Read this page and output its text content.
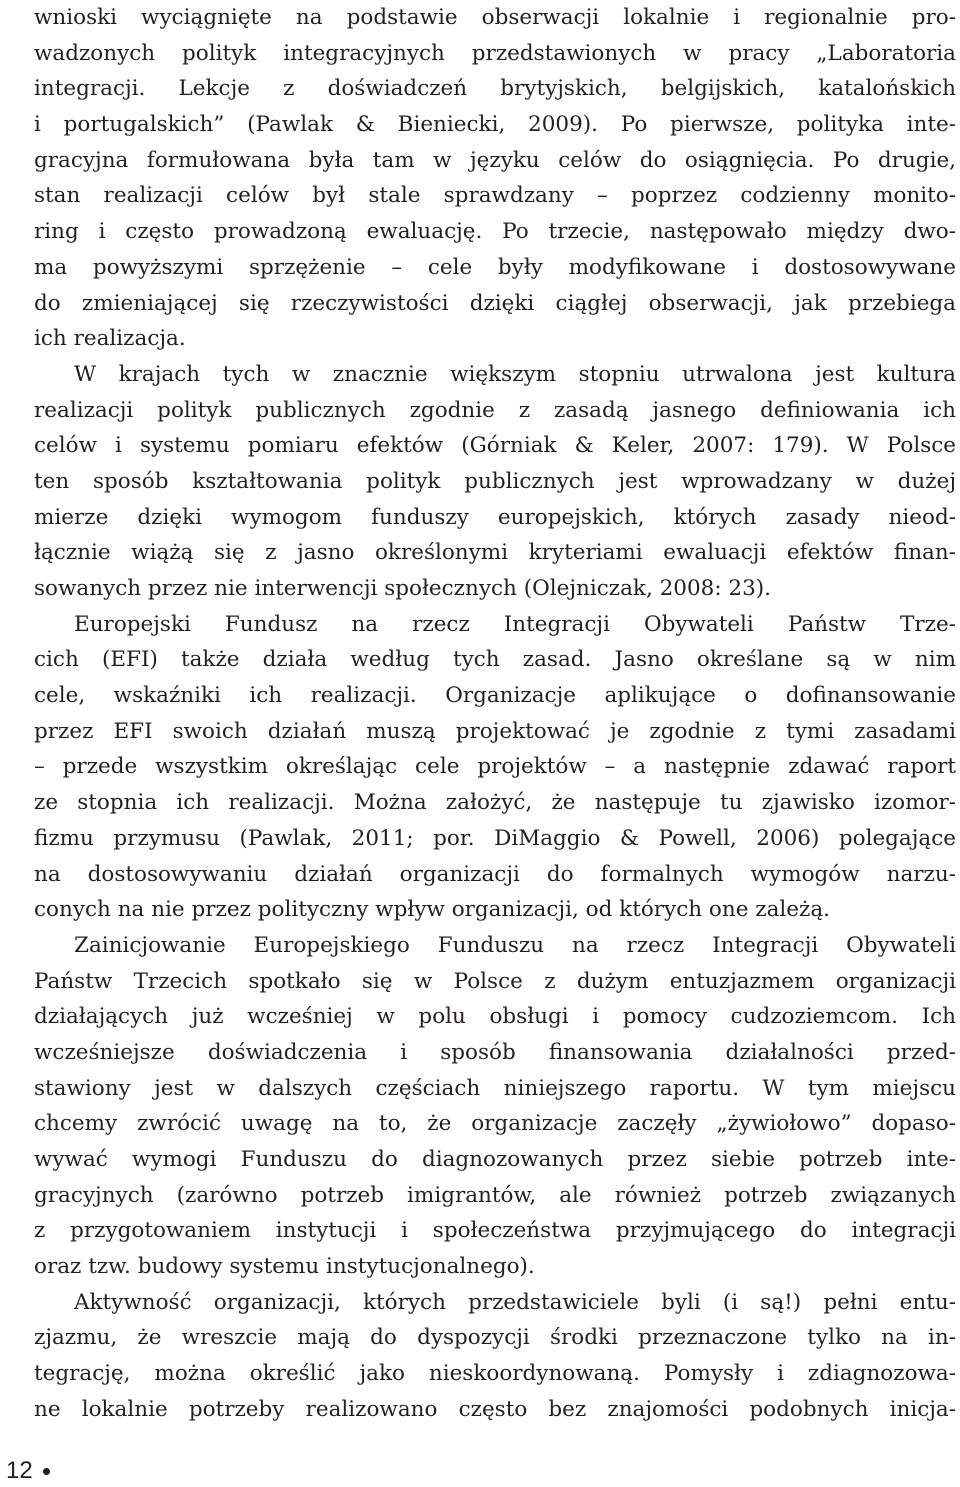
wnioski wyciągnięte na podstawie obserwacji lokalnie i regionalnie pro-
wadzonych polityk integracyjnych przedstawionych w pracy „Laboratoria
integracji. Lekcje z doświadczeń brytyjskich, belgijskich, katalońskich
i portugalskich” (Pawlak & Bieniecki, 2009). Po pierwsze, polityka inte-
gracyjna formułowana była tam w języku celów do osiągnięcia. Po drugie,
stan realizacji celów był stale sprawdzany – poprzez codzienny monito-
ring i często prowadzoną ewaluację. Po trzecie, następowało między dwo-
ma powyższymi sprzężenie – cele były modyfikowane i dostosowywane
do zmieniającej się rzeczywistości dzięki ciągłej obserwacji, jak przebiega
ich realizacja.
W krajach tych w znacznie większym stopniu utrwalona jest kultura
realizacji polityk publicznych zgodnie z zasadą jasnego definiowania ich
celów i systemu pomiaru efektów (Górniak & Keler, 2007: 179). W Polsce
ten sposób kształtowania polityk publicznych jest wprowadzany w dużej
mierze dzięki wymogom funduszy europejskich, których zasady nieod-
łącznie wiążą się z jasno określonymi kryteriami ewaluacji efektów finan-
sowanych przez nie interwencji społecznych (Olejniczak, 2008: 23).
Europejski Fundusz na rzecz Integracji Obywateli Państw Trze-
cich (EFI) także działa według tych zasad. Jasno określane są w nim
cele, wskaźniki ich realizacji. Organizacje aplikujące o dofinansowanie
przez EFI swoich działań muszą projektować je zgodnie z tymi zasadami
– przede wszystkim określając cele projektów – a następnie zdawać raport
ze stopnia ich realizacji. Można założyć, że następuje tu zjawisko izomor-
fizmu przymusu (Pawlak, 2011; por. DiMaggio & Powell, 2006) polegające
na dostosowywaniu działań organizacji do formalnych wymogów narzu-
conych na nie przez polityczny wpływ organizacji, od których one zależą.
Zainicjowanie Europejskiego Funduszu na rzecz Integracji Obywateli
Państw Trzecich spotkało się w Polsce z dużym entuzjazmem organizacji
działających już wcześniej w polu obsługi i pomocy cudzoziemcom. Ich
wcześniejsze doświadczenia i sposób finansowania działalności przed-
stawiony jest w dalszych częściach niniejszego raportu. W tym miejscu
chcemy zwrócić uwagę na to, że organizacje zaczęły „żywiołowo” dopaso-
wywać wymogi Funduszu do diagnozowanych przez siebie potrzeb inte-
gracyjnych (zarówno potrzeb imigrantów, ale również potrzeb związanych
z przygotowaniem instytucji i społeczeństwa przyjmującego do integracji
oraz tzw. budowy systemu instytucjonalnego).
Aktywność organizacji, których przedstawiciele byli (i są!) pełni entu-
zjazmu, że wreszcie mają do dyspozycji środki przeznaczone tylko na in-
tegrację, można określić jako nieskoordynowaną. Pomysły i zdiagnozowa-
ne lokalnie potrzeby realizowano często bez znajomości podobnych inicja-
12
